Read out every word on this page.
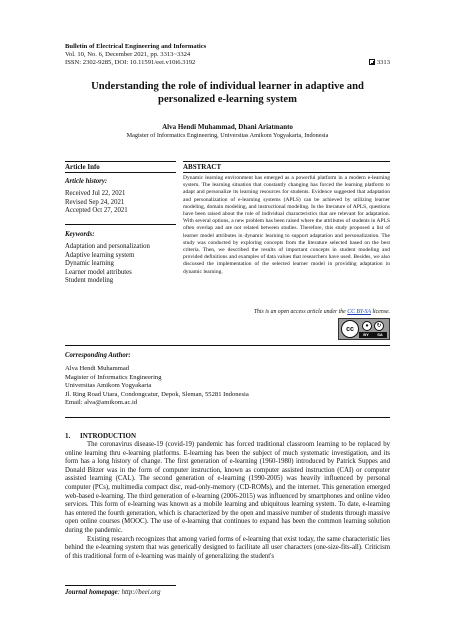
Bulletin of Electrical Engineering and Informatics
Vol. 10, No. 6, December 2021, pp. 3313~3324
ISSN: 2302-9285, DOI: 10.11591/eei.v10i6.3192	3313
Understanding the role of individual learner in adaptive and
personalized e-learning system
Alva Hendi Muhammad, Dhani Ariatmanto
Magister of Informatics Engineering, Universitas Amikom Yogyakarta, Indonesia
Article Info	ABSTRACT
Article history:
Received Jul 22, 2021
Revised Sep 24, 2021
Accepted Oct 27, 2021
Keywords:
Adaptation and personalization
Adaptive learning system
Dynamic learning
Learner model attributes
Student modeling
Dynamic learning environment has emerged as a powerful platform in a modern e-learning system. The learning situation that constantly changing has forced the learning platform to adapt and personalize its learning resources for students. Evidence suggested that adaptation and personalization of e-learning systems (APLS) can be achieved by utilizing learner modeling, domain modeling, and instructional modeling. In the literature of APLS, questions have been raised about the role of individual characteristics that are relevant for adaptation. With several options, a new problem has been raised where the attributes of students in APLS often overlap and are not related between studies. Therefore, this study proposed a list of learner model attributes in dynamic learning to support adaptation and personalization. The study was conducted by exploring concepts from the literature selected based on the best criteria. Then, we described the results of important concepts in student modeling and provided definitions and examples of data values that researchers have used. Besides, we also discussed the implementation of the selected learner model in providing adaptation in dynamic learning.
This is an open access article under the CC BY-SA license.
cc	●	↻
BY SA
Corresponding Author:
Alva Hendi Muhammad
Magister of Informatics Engineering
Universitas Amikom Yogyakarta
Jl. Ring Road Utara, Condongcatur, Depok, Sleman, 55281 Indonesia
Email: alva@amikom.ac.id
1. INTRODUCTION

The coronavirus disease-19 (covid-19) pandemic has forced traditional classroom learning to be replaced by online learning thru e-learning platforms. E-learning has been the subject of much systematic investigation, and its form has a long history of change. The first generation of e-learning (1960-1980) introduced by Patrick Suppes and Donald Bitzer was in the form of computer instruction, known as computer assisted instruction (CAI) or computer assisted learning (CAL). The second generation of e-learning (1990-2005) was heavily influenced by personal computer (PCs), multimedia compact disc, read-only-memory (CD-ROMs), and the internet. This generation emerged web-based e-learning. The third generation of e-learning (2006-2015) was influenced by smartphones and online video services. This form of e-learning was known as a mobile learning and ubiquitous learning system. To date, e-learning has entered the fourth generation, which is characterized by the open and massive number of students through massive open online courses (MOOC). The use of e-learning that continues to expand has been the common learning solution during the pandemic.

Existing research recognizes that among varied forms of e-learning that exist today, the same characteristic lies behind the e-learning system that was generically designed to facilitate all user characters (one-size-fits-all). Criticism of this traditional form of e-learning was mainly of generalizing the student's

Journal homepage: http://beei.org
